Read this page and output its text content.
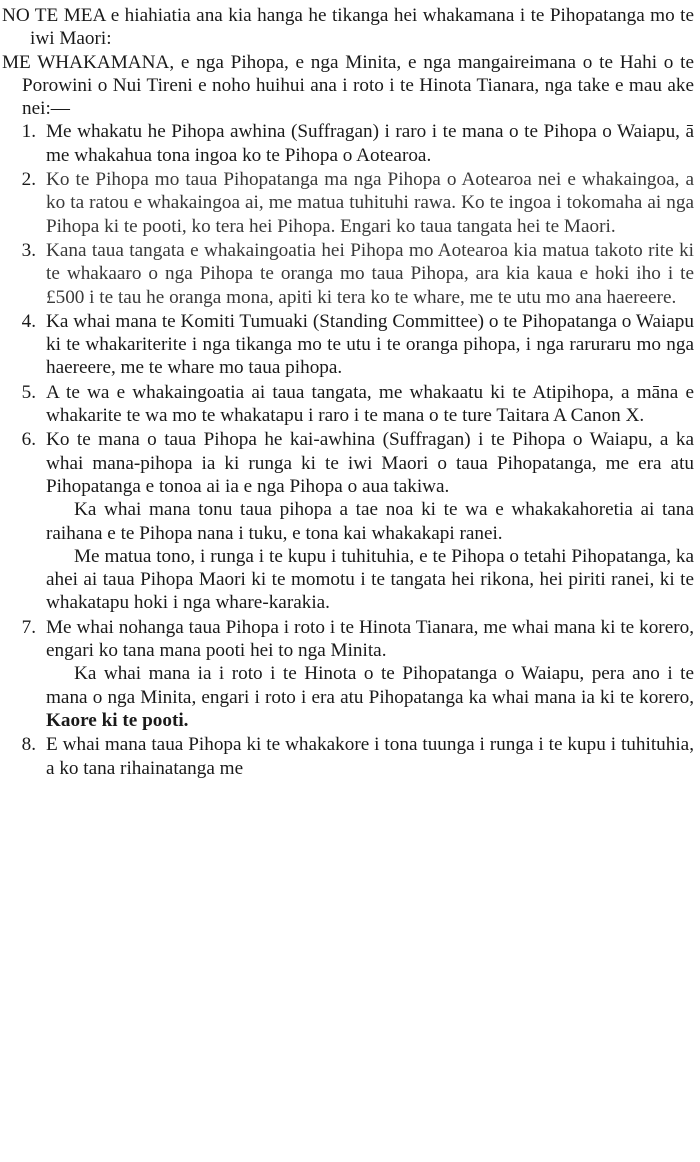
NO TE MEA e hiahiatia ana kia hanga he tikanga hei whakamana i te Pihopatanga mo te iwi Maori:

ME WHAKAMANA, e nga Pihopa, e nga Minita, e nga mangaireimana o te Hahi o te Porowini o Nui Tireni e noho huihui ana i roto i te Hinota Tianara, nga take e mau ake nei:—

1. Me whakatu he Pihopa awhina (Suffragan) i raro i te mana o te Pihopa o Waiapu, ā me whakahua tona ingoa ko te Pihopa o Aotearoa.
2. Ko te Pihopa mo taua Pihopatanga ma nga Pihopa o Aotearoa nei e whakaingoa, a ko ta ratou e whakaingoa ai, me matua tuhituhi rawa. Ko te ingoa i tokomaha ai nga Pihopa ki te pooti, ko tera hei Pihopa. Engari ko taua tangata hei te Maori.
3. Kana taua tangata e whakaingoatia hei Pihopa mo Aotearoa kia matua takoto rite ki te whakaaro o nga Pihopa te oranga mo taua Pihopa, ara kia kaua e hoki iho i te £500 i te tau he oranga mona, apiti ki tera ko te whare, me te utu mo ana haereere.
4. Ka whai mana te Komiti Tumuaki (Standing Committee) o te Pihopatanga o Waiapu ki te whakariterite i nga tikanga mo te utu i te oranga pihopa, i nga raruraru mo nga haereere, me te whare mo taua pihopa.
5. A te wa e whakaingoatia ai taua tangata, me whakaatu ki te Atipihopa, a māna e whakarite te wa mo te whakatapu i raro i te mana o te ture Taitara A Canon X.
6. Ko te mana o taua Pihopa he kai-awhina (Suffragan) i te Pihopa o Waiapu, a ka whai mana-pihopa ia ki runga ki te iwi Maori o taua Pihopatanga, me era atu Pihopatanga e tonoa ai ia e nga Pihopa o aua takiwa.

Ka whai mana tonu taua pihopa a tae noa ki te wa e whakakahoretia ai tana raihana e te Pihopa nana i tuku, e tona kai whakakapi ranei.

Me matua tono, i runga i te kupu i tuhituhia, e te Pihopa o tetahi Pihopatanga, ka ahei ai taua Pihopa Maori ki te momotu i te tangata hei rikona, hei piriti ranei, ki te whakatapu hoki i nga whare-karakia.

7. Me whai nohanga taua Pihopa i roto i te Hinota Tianara, me whai mana ki te korero, engari ko tana mana pooti hei to nga Minita.

Ka whai mana ia i roto i te Hinota o te Pihopatanga o Waiapu, pera ano i te mana o nga Minita, engari i roto i era atu Pihopatanga ka whai mana ia ki te korero, Kaore ki te pooti.

8. E whai mana taua Pihopa ki te whakakore i tona tuunga i runga i te kupu i tuhituhia, a ko tana rihainatanga me
